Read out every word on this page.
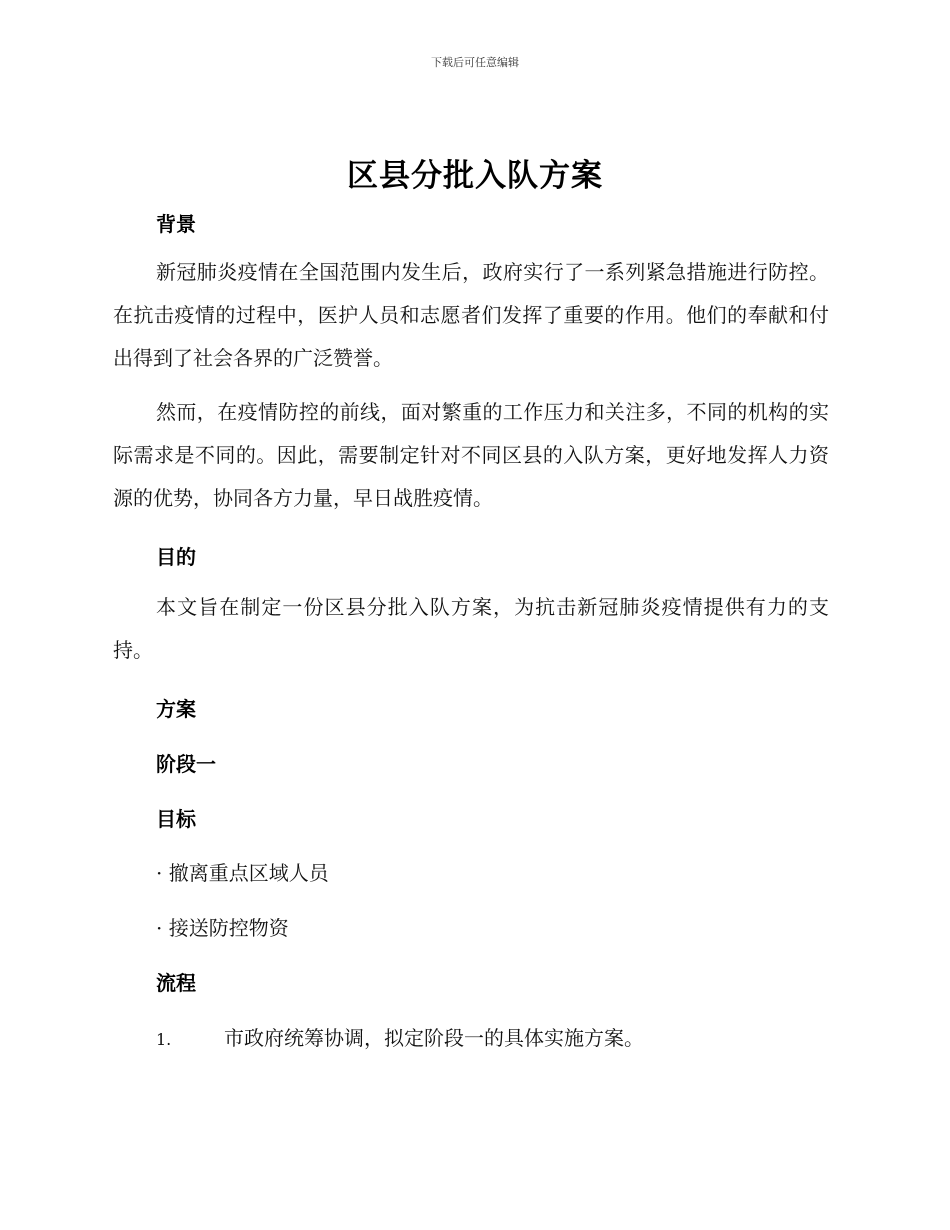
下载后可任意编辑
区县分批入队方案
背景

新冠肺炎疫情在全国范围内发生后，政府实行了一系列紧急措施进行防控。在抗击疫情的过程中，医护人员和志愿者们发挥了重要的作用。他们的奉献和付出得到了社会各界的广泛赞誉。

然而，在疫情防控的前线，面对繁重的工作压力和关注多，不同的机构的实际需求是不同的。因此，需要制定针对不同区县的入队方案，更好地发挥人力资源的优势，协同各方力量，早日战胜疫情。

目的

本文旨在制定一份区县分批入队方案，为抗击新冠肺炎疫情提供有力的支持。

方案
阶段一
目标
· 撤离重点区域人员
· 接送防控物资
流程
1.	市政府统筹协调，拟定阶段一的具体实施方案。
